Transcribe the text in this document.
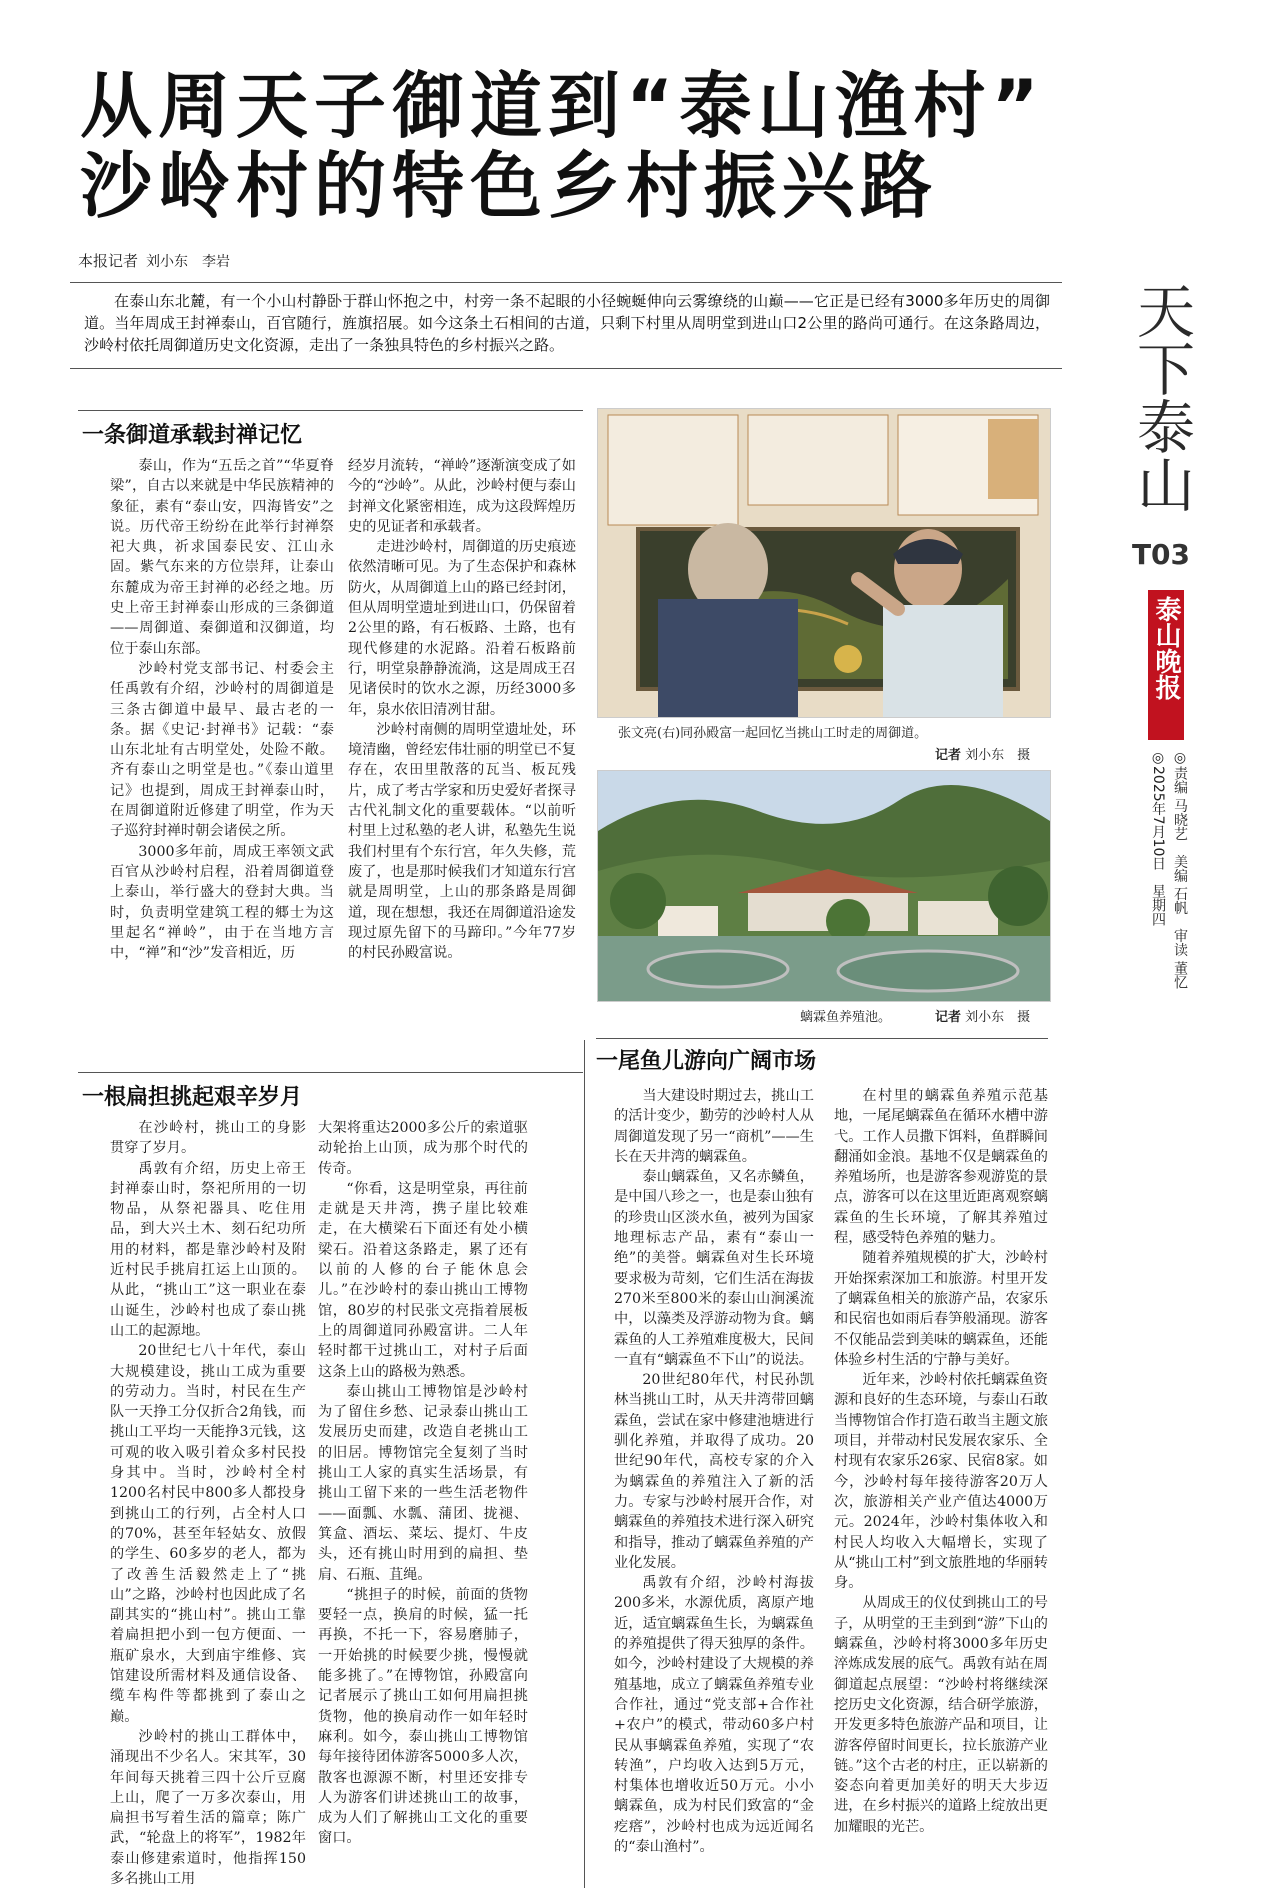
从周天子御道到“泰山渔村”
沙岭村的特色乡村振兴路
本报记者 刘小东　李岩
在泰山东北麓，有一个小山村静卧于群山怀抱之中，村旁一条不起眼的小径蜿蜒伸向云雾缭绕的山巅——它正是已经有3000多年历史的周御道。当年周成王封禅泰山，百官随行，旌旗招展。如今这条土石相间的古道，只剩下村里从周明堂到进山口2公里的路尚可通行。在这条路周边，沙岭村依托周御道历史文化资源，走出了一条独具特色的乡村振兴之路。	天下泰山
T03
泰山晚报
◎责编 马晓艺　美编 石帆　审读 董忆
◎2025年7月10日　星期四
一条御道承载封禅记忆

泰山，作为“五岳之首”“华夏脊梁”，自古以来就是中华民族精神的象征，素有“泰山安，四海皆安”之说。历代帝王纷纷在此举行封禅祭祀大典，祈求国泰民安、江山永固。紫气东来的方位崇拜，让泰山东麓成为帝王封禅的必经之地。历史上帝王封禅泰山形成的三条御道——周御道、秦御道和汉御道，均位于泰山东部。

沙岭村党支部书记、村委会主任禹敦有介绍，沙岭村的周御道是三条古御道中最早、最古老的一条。据《史记·封禅书》记载：“泰山东北址有古明堂处，处险不敞。齐有泰山之明堂是也。”《泰山道里记》也提到，周成王封禅泰山时，在周御道附近修建了明堂，作为天子巡狩封禅时朝会诸侯之所。

3000多年前，周成王率领文武百官从沙岭村启程，沿着周御道登上泰山，举行盛大的登封大典。当时，负责明堂建筑工程的郷士为这里起名“禅岭”，由于在当地方言中，“禅”和“沙”发音相近，历

经岁月流转，“禅岭”逐渐演变成了如今的“沙岭”。从此，沙岭村便与泰山封禅文化紧密相连，成为这段辉煌历史的见证者和承载者。

走进沙岭村，周御道的历史痕迹依然清晰可见。为了生态保护和森林防火，从周御道上山的路已经封闭，但从周明堂遗址到进山口，仍保留着2公里的路，有石板路、土路，也有现代修建的水泥路。沿着石板路前行，明堂泉静静流淌，这是周成王召见诸侯时的饮水之源，历经3000多年，泉水依旧清冽甘甜。

沙岭村南侧的周明堂遗址处，环境清幽，曾经宏伟壮丽的明堂已不复存在，农田里散落的瓦当、板瓦残片，成了考古学家和历史爱好者探寻古代礼制文化的重要载体。“以前听村里上过私塾的老人讲，私塾先生说我们村里有个东行宫，年久失修，荒废了，也是那时候我们才知道东行宫就是周明堂，上山的那条路是周御道，现在想想，我还在周御道沿途发现过原先留下的马蹄印。”今年77岁的村民孙殿富说。

张文亮(右)同孙殿富一起回忆当挑山工时走的周御道。
记者 刘小东　摄
螭霖鱼养殖池。	记者 刘小东　摄
一根扁担挑起艰辛岁月

在沙岭村，挑山工的身影贯穿了岁月。

禹敦有介绍，历史上帝王封禅泰山时，祭祀所用的一切物品，从祭祀器具、吃住用品，到大兴土木、刻石纪功所用的材料，都是靠沙岭村及附近村民手挑肩扛运上山顶的。从此，“挑山工”这一职业在泰山诞生，沙岭村也成了泰山挑山工的起源地。

20世纪七八十年代，泰山大规模建设，挑山工成为重要的劳动力。当时，村民在生产队一天挣工分仅折合2角钱，而挑山工平均一天能挣3元钱，这可观的收入吸引着众多村民投身其中。当时，沙岭村全村1200名村民中800多人都投身到挑山工的行列，占全村人口的70%，甚至年轻姑女、放假的学生、60多岁的老人，都为了改善生活毅然走上了“挑山”之路，沙岭村也因此成了名副其实的“挑山村”。挑山工靠着扁担把小到一包方便面、一瓶矿泉水，大到庙宇维修、宾馆建设所需材料及通信设备、缆车构件等都挑到了泰山之巅。

沙岭村的挑山工群体中，涌现出不少名人。宋其军，30年间每天挑着三四十公斤豆腐上山，爬了一万多次泰山，用扁担书写着生活的篇章；陈广武，“轮盘上的将军”，1982年泰山修建索道时，他指挥150多名挑山工用

大架将重达2000多公斤的索道驱动轮抬上山顶，成为那个时代的传奇。

“你看，这是明堂泉，再往前走就是天井湾，携子崖比较难走，在大横梁石下面还有处小横梁石。沿着这条路走，累了还有以前的人修的台子能休息会儿。”在沙岭村的泰山挑山工博物馆，80岁的村民张文亮指着展板上的周御道同孙殿富讲。二人年轻时都干过挑山工，对村子后面这条上山的路极为熟悉。

泰山挑山工博物馆是沙岭村为了留住乡愁、记录泰山挑山工发展历史而建，改造自老挑山工的旧居。博物馆完全复刻了当时挑山工人家的真实生活场景，有挑山工留下来的一些生活老物件——面瓢、水瓢、蒲团、拢褪、箕盒、酒坛、菜坛、提灯、牛皮头，还有挑山时用到的扁担、垫肩、石瓶、苴绳。

“挑担子的时候，前面的货物要轻一点，换肩的时候，猛一托再换，不托一下，容易磨肺子，一开始挑的时候要少挑，慢慢就能多挑了。”在博物馆，孙殿富向记者展示了挑山工如何用扁担挑货物，他的换肩动作一如年轻时麻利。如今，泰山挑山工博物馆每年接待团体游客5000多人次，散客也源源不断，村里还安排专人为游客们讲述挑山工的故事，成为人们了解挑山工文化的重要窗口。

一尾鱼儿游向广阔市场

当大建设时期过去，挑山工的活计变少，勤劳的沙岭村人从周御道发现了另一“商机”——生长在天井湾的螭霖鱼。

泰山螭霖鱼，又名赤鳞鱼，是中国八珍之一，也是泰山独有的珍贵山区淡水鱼，被列为国家地理标志产品，素有“泰山一绝”的美誉。螭霖鱼对生长环境要求极为苛刻，它们生活在海拔270米至800米的泰山山涧溪流中，以藻类及浮游动物为食。螭霖鱼的人工养殖难度极大，民间一直有“螭霖鱼不下山”的说法。

20世纪80年代，村民孙凯林当挑山工时，从天井湾带回螭霖鱼，尝试在家中修建池塘进行驯化养殖，并取得了成功。20世纪90年代，高校专家的介入为螭霖鱼的养殖注入了新的活力。专家与沙岭村展开合作，对螭霖鱼的养殖技术进行深入研究和指导，推动了螭霖鱼养殖的产业化发展。

禹敦有介绍，沙岭村海拔200多米，水源优质，离原产地近，适宜螭霖鱼生长，为螭霖鱼的养殖提供了得天独厚的条件。如今，沙岭村建设了大规模的养殖基地，成立了螭霖鱼养殖专业合作社，通过“党支部+合作社+农户”的模式，带动60多户村民从事螭霖鱼养殖，实现了“农转渔”，户均收入达到5万元，村集体也增收近50万元。小小螭霖鱼，成为村民们致富的“金疙瘩”，沙岭村也成为远近闻名的“泰山渔村”。

在村里的螭霖鱼养殖示范基地，一尾尾螭霖鱼在循环水槽中游弋。工作人员撒下饵料，鱼群瞬间翻涌如金浪。基地不仅是螭霖鱼的养殖场所，也是游客参观游览的景点，游客可以在这里近距离观察螭霖鱼的生长环境，了解其养殖过程，感受特色养殖的魅力。

随着养殖规模的扩大，沙岭村开始探索深加工和旅游。村里开发了螭霖鱼相关的旅游产品，农家乐和民宿也如雨后春笋般涌现。游客不仅能品尝到美味的螭霖鱼，还能体验乡村生活的宁静与美好。

近年来，沙岭村依托螭霖鱼资源和良好的生态环境，与泰山石敢当博物馆合作打造石敢当主题文旅项目，并带动村民发展农家乐、全村现有农家乐26家、民宿8家。如今，沙岭村每年接待游客20万人次，旅游相关产业产值达4000万元。2024年，沙岭村集体收入和村民人均收入大幅增长，实现了从“挑山工村”到文旅胜地的华丽转身。

从周成王的仪仗到挑山工的号子，从明堂的王圭到到“游”下山的螭霖鱼，沙岭村将3000多年历史淬炼成发展的底气。禹敦有站在周御道起点展望：“沙岭村将继续深挖历史文化资源，结合研学旅游，开发更多特色旅游产品和项目，让游客停留时间更长，拉长旅游产业链。”这个古老的村庄，正以崭新的姿态向着更加美好的明天大步迈进，在乡村振兴的道路上绽放出更加耀眼的光芒。
